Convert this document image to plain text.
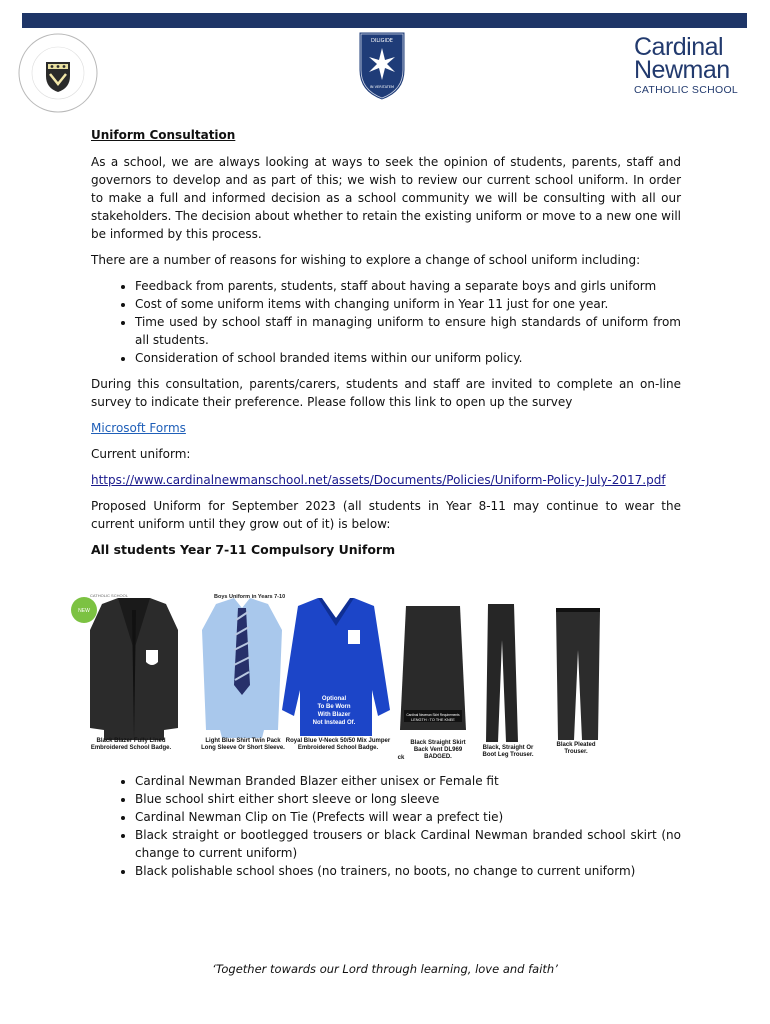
DILIGIDE
IN VERITATEM
Cardinal
Newman
CATHOLIC SCHOOL

Uniform Consultation

As a school, we are always looking at ways to seek the opinion of students, parents, staff and governors to develop and as part of this; we wish to review our current school uniform. In order to make a full and informed decision as a school community we will be consulting with all our stakeholders. The decision about whether to retain the existing uniform or move to a new one will be informed by this process.

There are a number of reasons for wishing to explore a change of school uniform including:

• Feedback from parents, students, staff about having a separate boys and girls uniform
• Cost of some uniform items with changing uniform in Year 11 just for one year.
• Time used by school staff in managing uniform to ensure high standards of uniform from all students.
• Consideration of school branded items within our uniform policy.

During this consultation, parents/carers, students and staff are invited to complete an on-line survey to indicate their preference. Please follow this link to open up the survey

Microsoft Forms

Current uniform:

https://www.cardinalnewmanschool.net/assets/Documents/Policies/Uniform-Policy-July-2017.pdf

Proposed Uniform for September 2023 (all students in Year 8-11 may continue to wear the current uniform until they grow out of it) is below:

All students Year 7-11 Compulsory Uniform

CATHOLIC SCHOOL	Boys Uniform in Years 7-10
NEW
Optional To Be Worn With Blazer Not Instead Of.
Cardinal Newman Skirt Requirements
LENGTH : TO THE KNEE
Black Blazer Fully Lined Embroidered School Badge.
Light Blue Shirt Twin Pack Long Sleeve Or Short Sleeve.
Royal Blue V-Neck 50/50 Mix Jumper Embroidered School Badge.
Black Straight Skirt Back Vent DL969 BADGED.
Black, Straight Or Boot Leg Trouser.
Black Pleated Trouser.
ck
• Cardinal Newman Branded Blazer either unisex or Female fit
• Blue school shirt either short sleeve or long sleeve
• Cardinal Newman Clip on Tie (Prefects will wear a prefect tie)
• Black straight or bootlegged trousers or black Cardinal Newman branded school skirt (no change to current uniform)
• Black polishable school shoes (no trainers, no boots, no change to current uniform)
‘Together towards our Lord through learning, love and faith’
